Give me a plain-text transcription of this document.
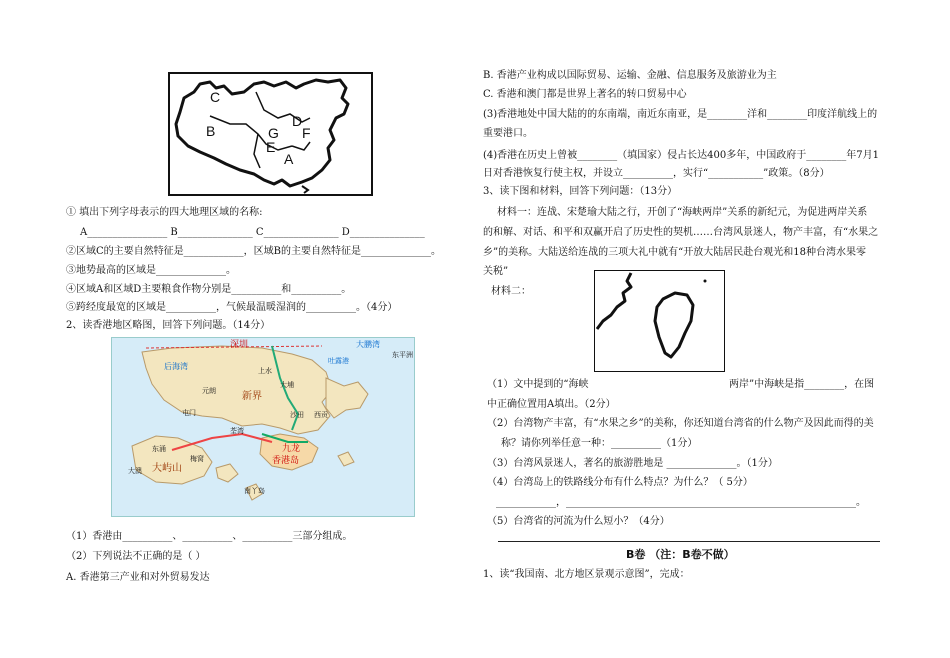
C
B	G
D
F
E
A
① 填出下列字母表示的四大地理区域的名称:
A________________ B_______________ C_______________ D_______________
②区域C的主要自然特征是____________，区域B的主要自然特征是______________。
③地势最高的区域是______________。
④区域A和区域D主要粮食作物分别是__________和__________。
⑤跨经度最宽的区域是__________，气候最温暖湿润的__________。（4分）
2、读香港地区略图，回答下列问题。（14分）
深圳
后海湾	上水
大鹏湾
吐露港
东平洲
元朗
大埔
新界
屯门	沙田 西贡
荃湾
东涌
梅窝
九龙
香港岛
大屿山
大澳
南丫岛
（1）香港由__________、__________、__________三部分组成。
（2）下列说法不正确的是（ ）
A. 香港第三产业和对外贸易发达
B. 香港产业构成以国际贸易、运输、金融、信息服务及旅游业为主
C. 香港和澳门都是世界上著名的转口贸易中心
(3)香港地处中国大陆的的东南端，南近东南亚，是________洋和________印度洋航线上的
重要港口。
(4)香港在历史上曾被________（填国家）侵占长达400多年，中国政府于________年7月1
日对香港恢复行使主权，并设立__________，实行“___________”政策。（8分）
3、读下图和材料，回答下列问题：（13分）
材料一：连战、宋楚瑜大陆之行，开创了“海峡两岸”关系的新纪元，为促进两岸关系
的和解、对话、和平和双赢开启了历史性的契机……台湾风景迷人，物产丰富，有“水果之
乡”的美称。大陆送给连战的三项大礼中就有“开放大陆居民赴台观光和18种台湾水果零
关税”
材料二：
（1）文中提到的“海峡	两岸”中海峡是指________，在图
中正确位置用A填出。（2分）
（2）台湾物产丰富，有“水果之乡”的美称，你还知道台湾省的什么物产及因此而得的美
称？请你列举任意一种：__________（1分）
（3）台湾风景迷人，著名的旅游胜地是 ______________。（1分）
（4）台湾岛上的铁路线分布有什么特点？为什么？（ 5分）
____________，__________________________________________________________。
（5）台湾省的河流为什么短小？（4分）
B卷 （注：B卷不做）
1、读“我国南、北方地区景观示意图”，完成：
